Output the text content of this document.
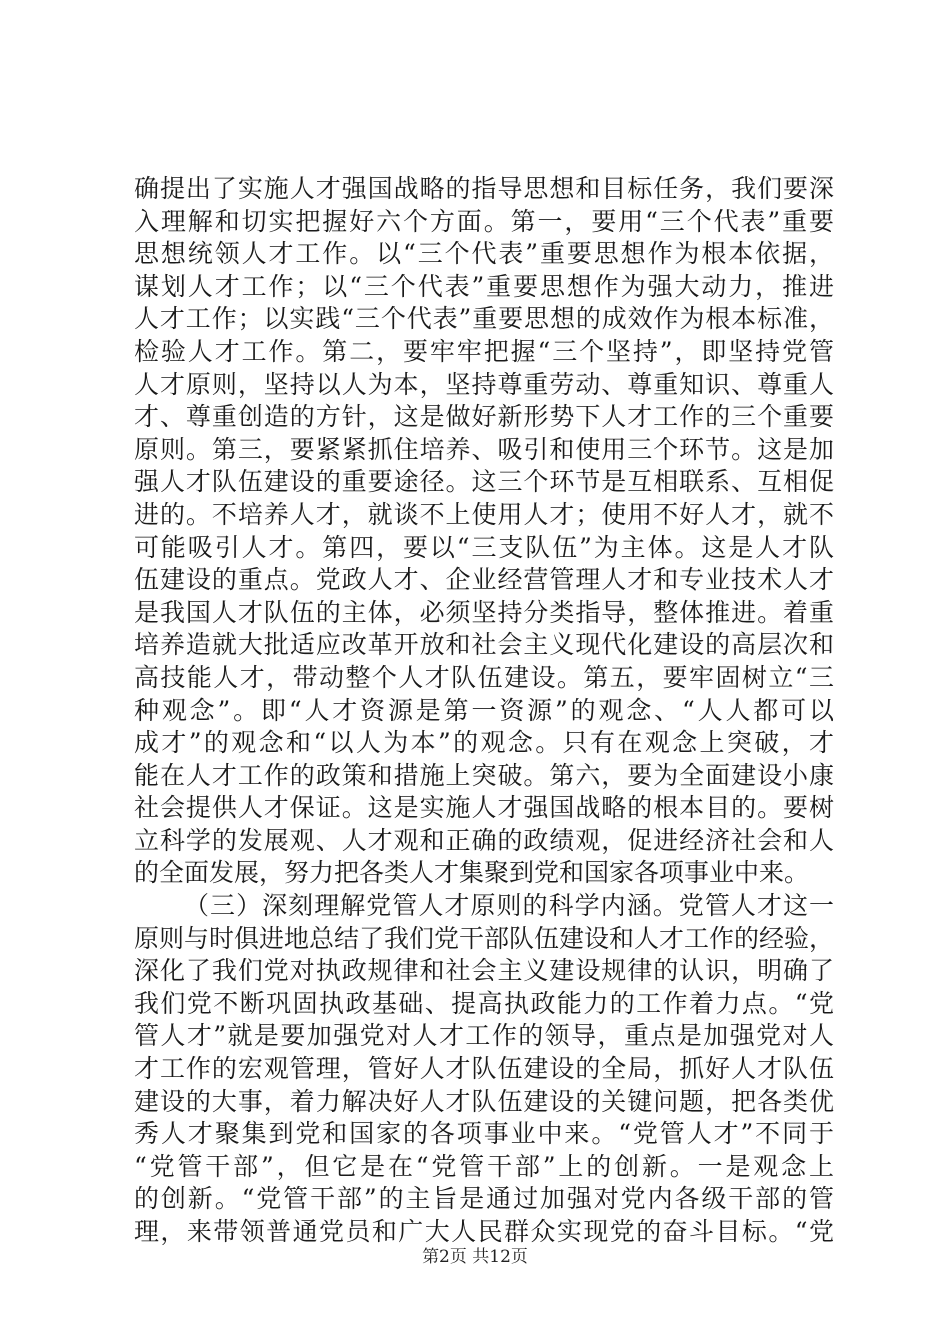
确提出了实施人才强国战略的指导思想和目标任务，我们要深
入理解和切实把握好六个方面。第一，要用“三个代表”重要
思想统领人才工作。以“三个代表”重要思想作为根本依据，
谋划人才工作；以“三个代表”重要思想作为强大动力，推进
人才工作；以实践“三个代表”重要思想的成效作为根本标准，
检验人才工作。第二，要牢牢把握“三个坚持”，即坚持党管
人才原则，坚持以人为本，坚持尊重劳动、尊重知识、尊重人
才、尊重创造的方针，这是做好新形势下人才工作的三个重要
原则。第三，要紧紧抓住培养、吸引和使用三个环节。这是加
强人才队伍建设的重要途径。这三个环节是互相联系、互相促
进的。不培养人才，就谈不上使用人才；使用不好人才，就不
可能吸引人才。第四，要以“三支队伍”为主体。这是人才队
伍建设的重点。党政人才、企业经营管理人才和专业技术人才
是我国人才队伍的主体，必须坚持分类指导，整体推进。着重
培养造就大批适应改革开放和社会主义现代化建设的高层次和
高技能人才，带动整个人才队伍建设。第五，要牢固树立“三
种观念”。即“人才资源是第一资源”的观念、“人人都可以
成才”的观念和“以人为本”的观念。只有在观念上突破，才
能在人才工作的政策和措施上突破。第六，要为全面建设小康
社会提供人才保证。这是实施人才强国战略的根本目的。要树
立科学的发展观、人才观和正确的政绩观，促进经济社会和人
的全面发展，努力把各类人才集聚到党和国家各项事业中来。
（三）深刻理解党管人才原则的科学内涵。党管人才这一
原则与时俱进地总结了我们党干部队伍建设和人才工作的经验，
深化了我们党对执政规律和社会主义建设规律的认识，明确了
我们党不断巩固执政基础、提高执政能力的工作着力点。“党
管人才”就是要加强党对人才工作的领导，重点是加强党对人
才工作的宏观管理，管好人才队伍建设的全局，抓好人才队伍
建设的大事，着力解决好人才队伍建设的关键问题，把各类优
秀人才聚集到党和国家的各项事业中来。“党管人才”不同于
“党管干部”，但它是在“党管干部”上的创新。一是观念上
的创新。“党管干部”的主旨是通过加强对党内各级干部的管
理，来带领普通党员和广大人民群众实现党的奋斗目标。“党
第2页 共12页
